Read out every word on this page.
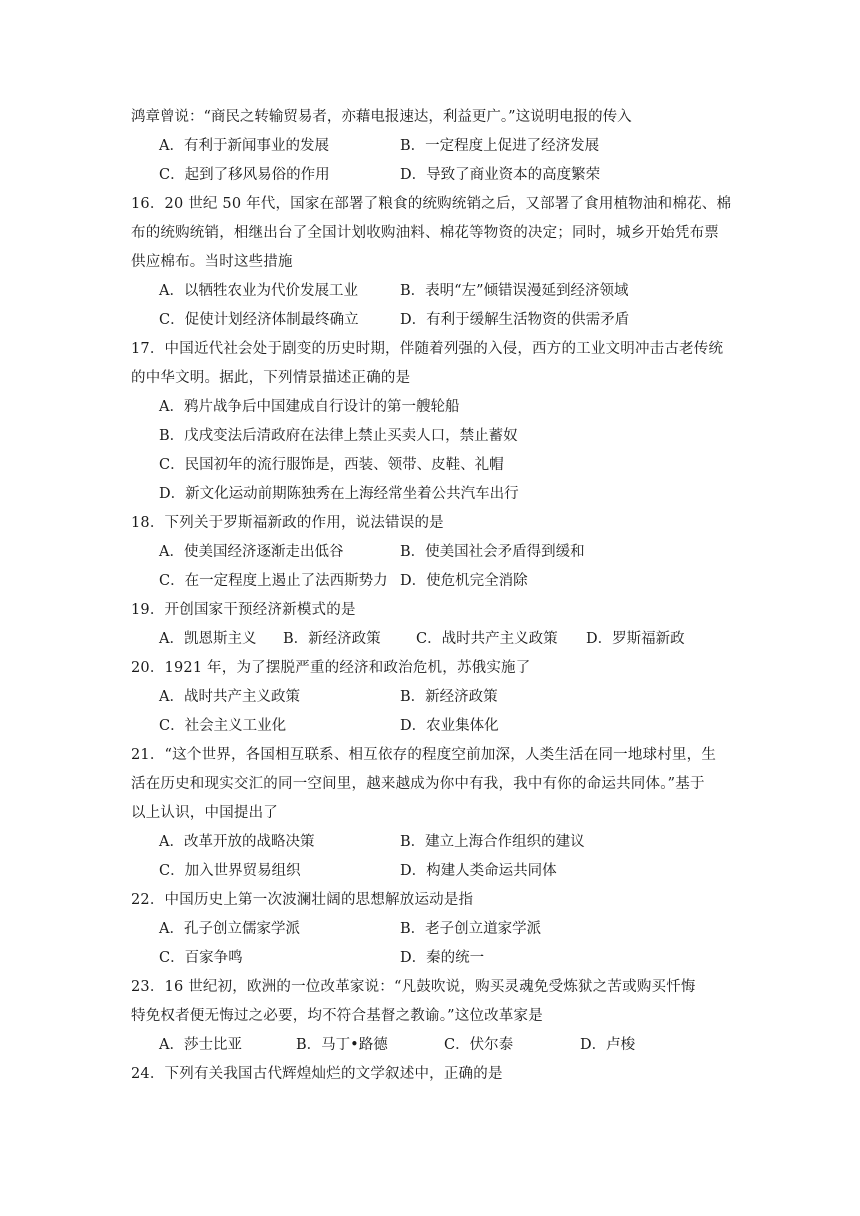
鸿章曾说：“商民之转输贸易者，亦藉电报速达，利益更广。”这说明电报的传入
A．有利于新闻事业的发展	B．一定程度上促进了经济发展
C．起到了移风易俗的作用	D．导致了商业资本的高度繁荣
16．20 世纪 50 年代，国家在部署了粮食的统购统销之后，又部署了食用植物油和棉花、棉
布的统购统销，相继出台了全国计划收购油料、棉花等物资的决定；同时，城乡开始凭布票
供应棉布。当时这些措施
A．以牺牲农业为代价发展工业	B．表明“左”倾错误漫延到经济领域
C．促使计划经济体制最终确立	D．有利于缓解生活物资的供需矛盾
17．中国近代社会处于剧变的历史时期，伴随着列强的入侵，西方的工业文明冲击古老传统
的中华文明。据此，下列情景描述正确的是
A．鸦片战争后中国建成自行设计的第一艘轮船
B．戊戌变法后清政府在法律上禁止买卖人口，禁止蓄奴
C．民国初年的流行服饰是，西装、领带、皮鞋、礼帽
D．新文化运动前期陈独秀在上海经常坐着公共汽车出行
18．下列关于罗斯福新政的作用，说法错误的是
A．使美国经济逐渐走出低谷	B．使美国社会矛盾得到缓和
C．在一定程度上遏止了法西斯势力 D．使危机完全消除
19．开创国家干预经济新模式的是
A．凯恩斯主义	B．新经济政策	C．战时共产主义政策	D．罗斯福新政
20．1921 年，为了摆脱严重的经济和政治危机，苏俄实施了
A．战时共产主义政策	B．新经济政策
C．社会主义工业化	D．农业集体化
21．“这个世界，各国相互联系、相互依存的程度空前加深，人类生活在同一地球村里，生
活在历史和现实交汇的同一空间里，越来越成为你中有我，我中有你的命运共同体。”基于
以上认识，中国提出了
A．改革开放的战略决策	B．建立上海合作组织的建议
C．加入世界贸易组织	D．构建人类命运共同体
22．中国历史上第一次波澜壮阔的思想解放运动是指
A．孔子创立儒家学派	B．老子创立道家学派
C．百家争鸣	D．秦的统一
23．16 世纪初，欧洲的一位改革家说：“凡鼓吹说，购买灵魂免受炼狱之苦或购买忏悔
特免权者便无悔过之必要，均不符合基督之教谕。”这位改革家是
A．莎士比亚	B．马丁•路德	C．伏尔泰	D．卢梭
24．下列有关我国古代辉煌灿烂的文学叙述中，正确的是
